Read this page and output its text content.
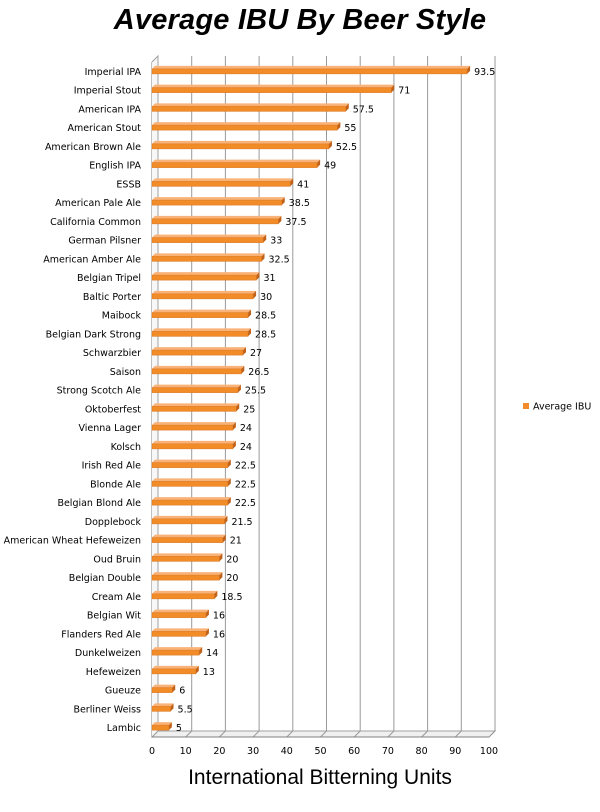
Average IBU By Beer Style
0	10 20 30 40 50 60 70 80 90 100
Imperial IPA	93.5
Imperial Stout	71
American IPA	57.5
American Stout	55
American Brown Ale	52.5
English IPA	49
ESSB	41
American Pale Ale	38.5
California Common	37.5
German Pilsner	33
American Amber Ale	32.5
Belgian Tripel	31
Baltic Porter	30
Maibock	28.5
Belgian Dark Strong	28.5
Schwarzbier	27
Saison	26.5
Strong Scotch Ale	25.5
Oktoberfest	25
Vienna Lager	24
Kolsch	24
Irish Red Ale	22.5
Blonde Ale	22.5
Belgian Blond Ale	22.5
Dopplebock	21.5
American Wheat Hefeweizen	21
Oud Bruin	20
Belgian Double	20
Cream Ale	18.5
Belgian Wit	16
Flanders Red Ale	16
Dunkelweizen	14
Hefeweizen	13
Gueuze	6
Berliner Weiss	5.5
Lambic	5
Average IBU
International Bitterning Units
